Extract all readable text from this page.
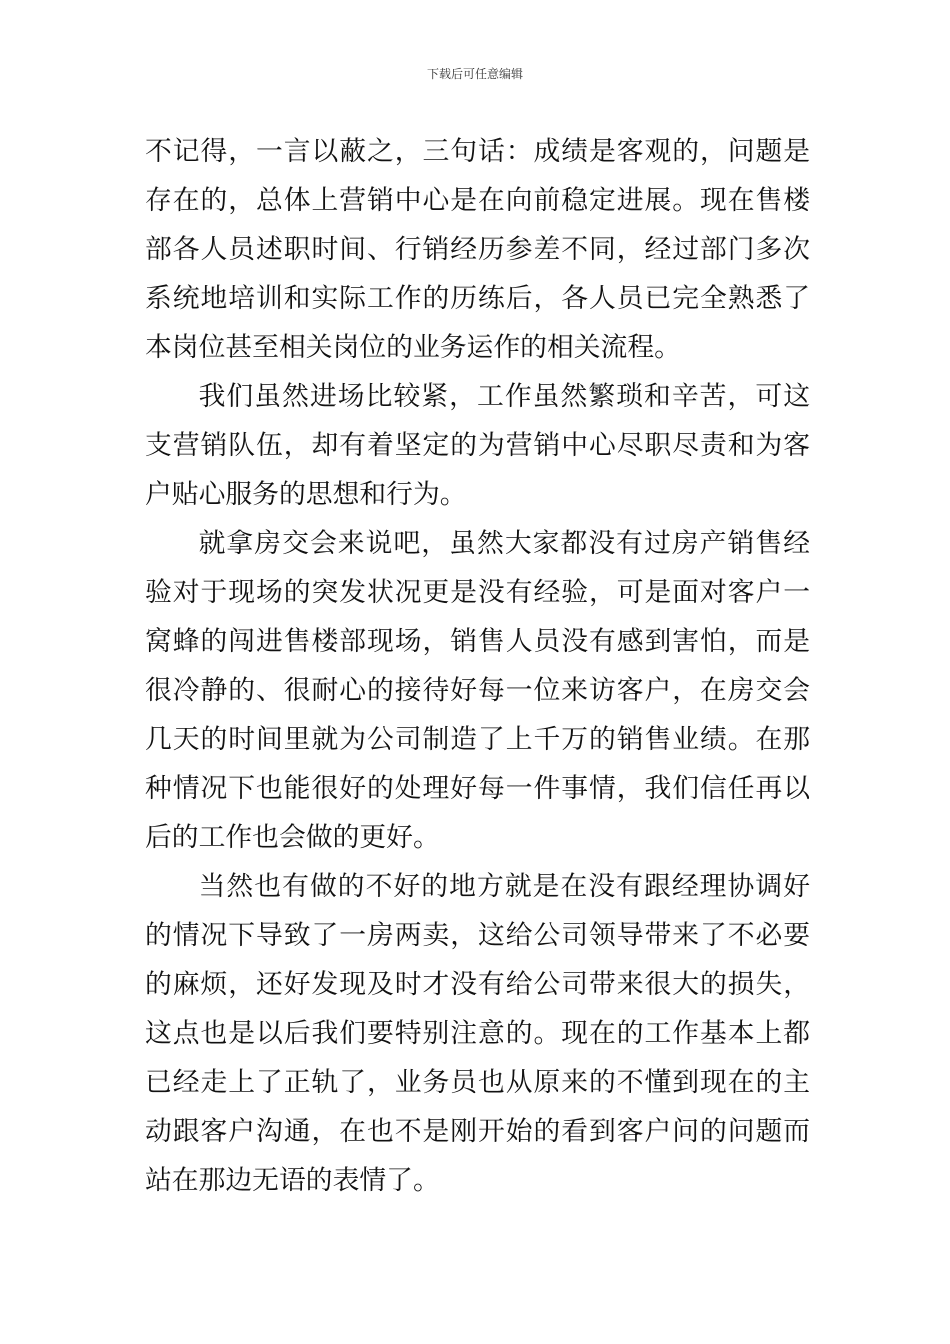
下载后可任意编辑

不记得，一言以蔽之，三句话：成绩是客观的，问题是存在的，总体上营销中心是在向前稳定进展。现在售楼部各人员述职时间、行销经历参差不同，经过部门多次系统地培训和实际工作的历练后，各人员已完全熟悉了本岗位甚至相关岗位的业务运作的相关流程。

我们虽然进场比较紧，工作虽然繁琐和辛苦，可这支营销队伍，却有着坚定的为营销中心尽职尽责和为客户贴心服务的思想和行为。

就拿房交会来说吧，虽然大家都没有过房产销售经验对于现场的突发状况更是没有经验，可是面对客户一窝蜂的闯进售楼部现场，销售人员没有感到害怕，而是很冷静的、很耐心的接待好每一位来访客户，在房交会几天的时间里就为公司制造了上千万的销售业绩。在那种情况下也能很好的处理好每一件事情，我们信任再以后的工作也会做的更好。

当然也有做的不好的地方就是在没有跟经理协调好的情况下导致了一房两卖，这给公司领导带来了不必要的麻烦，还好发现及时才没有给公司带来很大的损失，这点也是以后我们要特别注意的。现在的工作基本上都已经走上了正轨了，业务员也从原来的不懂到现在的主动跟客户沟通，在也不是刚开始的看到客户问的问题而站在那边无语的表情了。
